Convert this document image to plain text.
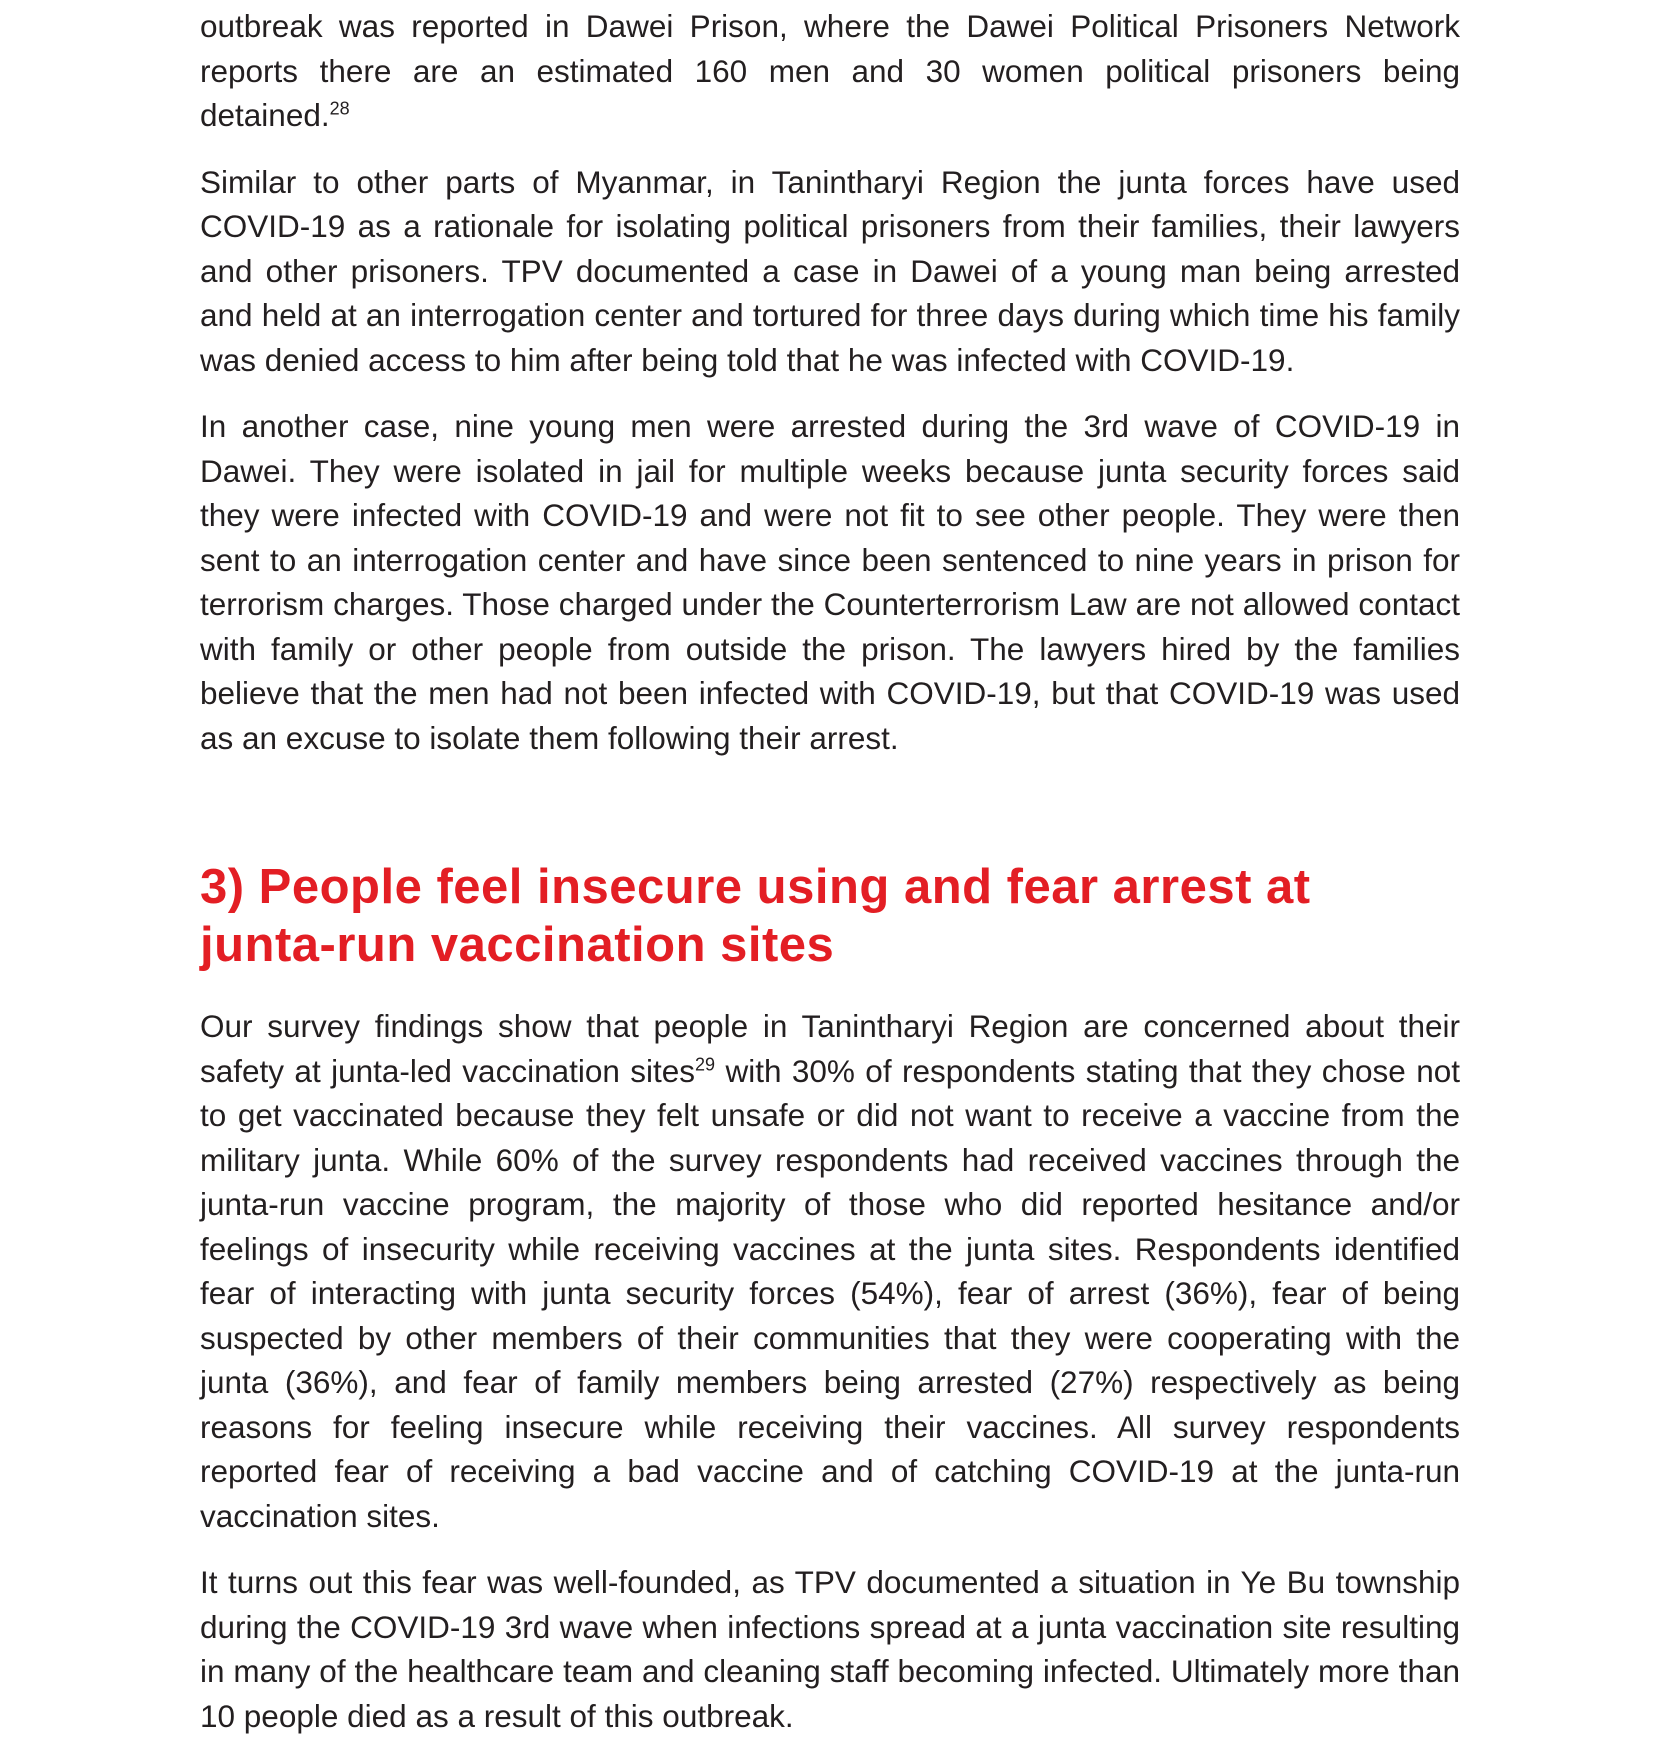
outbreak was reported in Dawei Prison, where the Dawei Political Prisoners Network reports there are an estimated 160 men and 30 women political prisoners being detained.$^{28}$

Similar to other parts of Myanmar, in Tanintharyi Region the junta forces have used COVID-19 as a rationale for isolating political prisoners from their families, their lawyers and other prisoners. TPV documented a case in Dawei of a young man being arrested and held at an interrogation center and tortured for three days during which time his family was denied access to him after being told that he was infected with COVID-19.

In another case, nine young men were arrested during the 3rd wave of COVID-19 in Dawei. They were isolated in jail for multiple weeks because junta security forces said they were infected with COVID-19 and were not fit to see other people. They were then sent to an interrogation center and have since been sentenced to nine years in prison for terrorism charges. Those charged under the Counterterrorism Law are not allowed contact with family or other people from outside the prison. The lawyers hired by the families believe that the men had not been infected with COVID-19, but that COVID-19 was used as an excuse to isolate them following their arrest.

3) People feel insecure using and fear arrest at junta-run vaccination sites

Our survey findings show that people in Tanintharyi Region are concerned about their safety at junta-led vaccination sites$^{29}$ with 30% of respondents stating that they chose not to get vaccinated because they felt unsafe or did not want to receive a vaccine from the military junta. While 60% of the survey respondents had received vaccines through the junta-run vaccine program, the majority of those who did reported hesitance and/or feelings of insecurity while receiving vaccines at the junta sites. Respondents identified fear of interacting with junta security forces (54%), fear of arrest (36%), fear of being suspected by other members of their communities that they were cooperating with the junta (36%), and fear of family members being arrested (27%) respectively as being reasons for feeling insecure while receiving their vaccines. All survey respondents reported fear of receiving a bad vaccine and of catching COVID-19 at the junta-run vaccination sites.

It turns out this fear was well-founded, as TPV documented a situation in Ye Bu township during the COVID-19 3rd wave when infections spread at a junta vaccination site resulting in many of the healthcare team and cleaning staff becoming infected. Ultimately more than 10 people died as a result of this outbreak.
